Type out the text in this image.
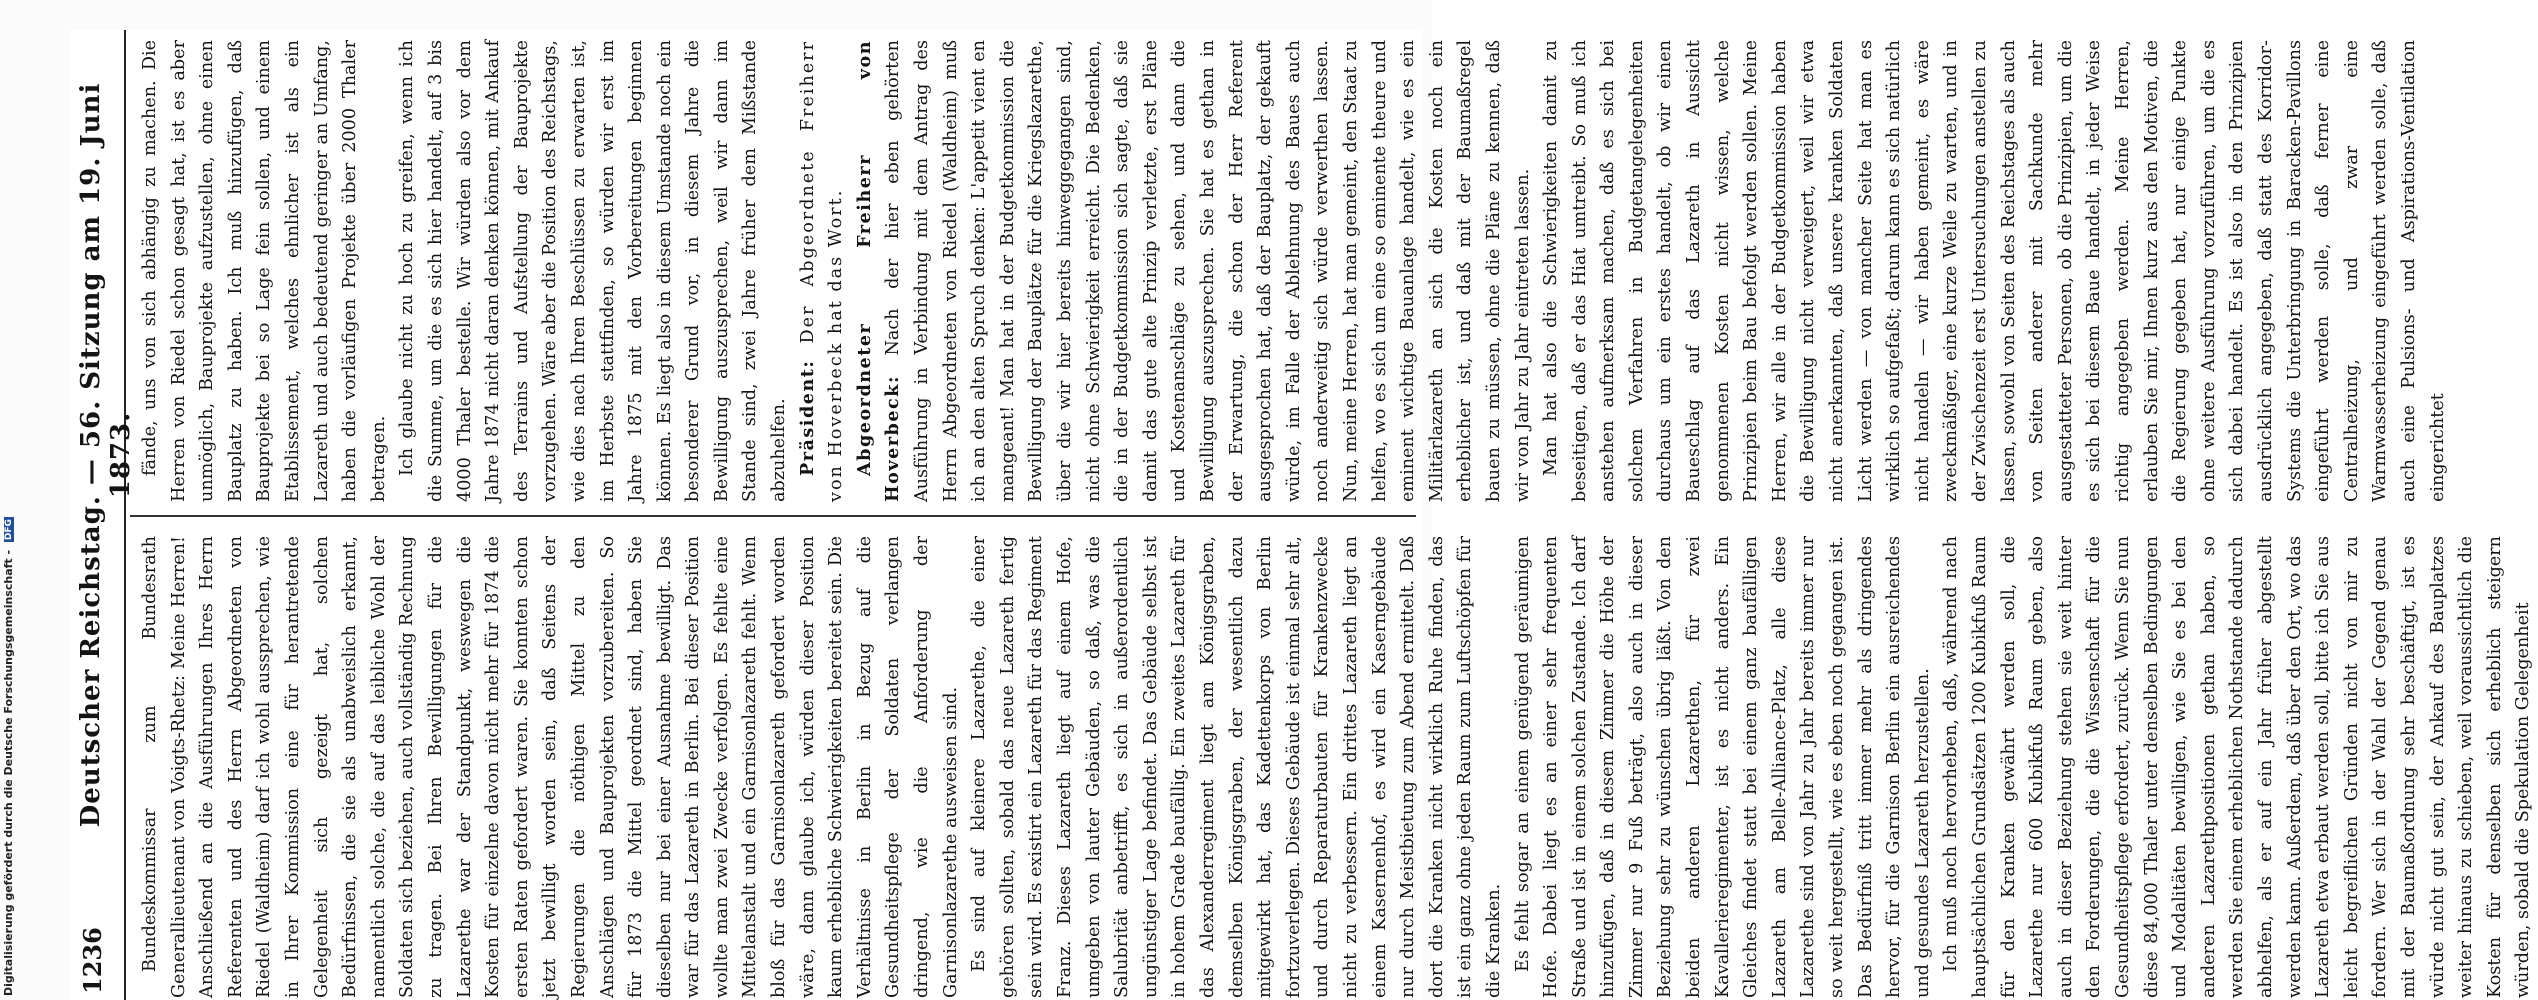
1236
Deutscher Reichstag. — 56. Sitzung am 19. Juni 1873.

Bundeskommissar zum Bundesrath Generallieutenant von Voigts-Rhetz: Meine Herren! Anschließend an die Ausführungen Ihres Herrn Referenten und des Herrn Abgeordneten von Riedel (Waldheim) darf ich wohl aussprechen, wie in Ihrer Kommission eine für herantretende Gelegenheit sich gezeigt hat, solchen Bedürfnissen, die sie als unabweislich erkannt, namentlich solche, die auf das leibliche Wohl der Soldaten sich beziehen, auch vollständig Rechnung zu tragen. Bei Ihren Bewilligungen für die Lazarethe war der Standpunkt, weswegen die Kosten für einzelne davon nicht mehr für 1874 die ersten Raten gefordert waren. Sie konnten schon jetzt bewilligt worden sein, daß Seitens der Regierungen die nöthigen Mittel zu den Anschlägen und Bauprojekten vorzubereiten. So für 1873 die Mittel geordnet sind, haben Sie dieselben nur bei einer Ausnahme bewilligt. Das war für das Lazareth in Berlin. Bei dieser Position wollte man zwei Zwecke verfolgen. Es fehlte eine Mittelanstalt und ein Garnisonlazareth fehlt. Wenn bloß für das Garnisonlazareth gefordert worden wäre, dann glaube ich, würden dieser Position kaum erhebliche Schwierigkeiten bereitet sein. Die Verhältnisse in Berlin in Bezug auf die Gesundheitspflege der Soldaten verlangen dringend, wie die Anforderung der Garnisonlazarethe ausweisen sind. Es sind auf kleinere Lazarethe, die einer gehören sollten, sobald das neue Lazareth fertig sein wird. Es existirt ein Lazareth für das Regiment Franz. Dieses Lazareth liegt auf einem Hofe, umgeben von lauter Gebäuden, so daß, was die Salubrität anbetrifft, es sich in außerordentlich ungünstiger Lage befindet. Das Gebäude selbst ist in hohem Grade baufällig. Ein zweites Lazareth für das Alexanderregiment liegt am Königsgraben, demselben Königsgraben, der wesentlich dazu mitgewirkt hat, das Kadettenkorps von Berlin fortzuverlegen. Dieses Gebäude ist einmal sehr alt, und durch Reparaturbauten für Krankenzwecke nicht zu verbessern. Ein drittes Lazareth liegt an einem Kasernenhof, es wird ein Kaserngebäude nur durch Meistbietung zum Abend ermittelt. Daß dort die Kranken nicht wirklich Ruhe finden, das ist ein ganz ohne jeden Raum zum Luftschöpfen für die Kranken. Es fehlt sogar an einem genügend geräumigen Hofe. Dabei liegt es an einer sehr frequenten Straße und ist in einem solchen Zustande. Ich darf hinzufügen, daß in diesem Zimmer die Höhe der Zimmer nur 9 Fuß beträgt, also auch in dieser Beziehung sehr zu wünschen übrig läßt. Von den beiden anderen Lazarethen, für zwei Kavallerieregimenter, ist es nicht anders. Ein Gleiches findet statt bei einem ganz baufälligen Lazareth am Belle-Alliance-Platz, alle diese Lazarethe sind von Jahr zu Jahr bereits immer nur so weit hergestellt, wie es eben noch gegangen ist. Das Bedürfniß tritt immer mehr als dringendes hervor, für die Garnison Berlin ein ausreichendes und gesundes Lazareth herzustellen. Ich muß noch hervorheben, daß, während nach hauptsächlichen Grundsätzen 1200 Kubikfuß Raum für den Kranken gewährt werden soll, die Lazarethe nur 600 Kubikfuß Raum geben, also auch in dieser Beziehung stehen sie weit hinter den Forderungen, die die Wissenschaft für die Gesundheitspflege erfordert, zurück. Wenn Sie nun diese 84,000 Thaler unter denselben Bedingungen und Modalitäten bewilligen, wie Sie es bei den anderen Lazarethpositionen gethan haben, so werden Sie einem erheblichen Nothstande dadurch abhelfen, als er auf ein Jahr früher abgestellt werden kann. Außerdem, daß über den Ort, wo das Lazareth etwa erbaut werden soll, bitte ich Sie aus leicht begreiflichen Gründen nicht von mir zu fordern. Wer sich in der Wahl der Gegend genau mit der Baumaßordnung sehr beschäftigt, ist es würde nicht gut sein, der Ankauf des Bauplatzes weiter hinaus zu schieben, weil voraussichtlich die Kosten für denselben sich erheblich steigern würden, sobald die Spekulation Gelegenheit

fände, uns von sich abhängig zu machen. Die Herren von Riedel schon gesagt hat, ist es aber unmöglich, Bauprojekte aufzustellen, ohne einen Bauplatz zu haben. Ich muß hinzufügen, daß Bauprojekte bei so Lage fein sollen, und einem Etablissement, welches ehnlicher ist als ein Lazareth und auch bedeutend geringer an Umfang, haben die vorläufigen Projekte über 2000 Thaler betragen. Ich glaube nicht zu hoch zu greifen, wenn ich die Summe, um die es sich hier handelt, auf 3 bis 4000 Thaler bestelle. Wir würden also vor dem Jahre 1874 nicht daran denken können, mit Ankauf des Terrains und Aufstellung der Bauprojekte vorzugehen. Wäre aber die Position des Reichstags, wie dies nach Ihren Beschlüssen zu erwarten ist, im Herbste stattfinden, so würden wir erst im Jahre 1875 mit den Vorbereitungen beginnen können. Es liegt also in diesem Umstande noch ein besonderer Grund vor, in diesem Jahre die Bewilligung auszusprechen, weil wir dann im Stande sind, zwei Jahre früher dem Mißstande abzuhelfen. Präsident: Der Abgeordnete Freiherr von Hoverbeck hat das Wort. Abgeordneter Freiherr von Hoverbeck: Nach der hier eben gehörten Ausführung in Verbindung mit dem Antrag des Herrn Abgeordneten von Riedel (Waldheim) muß ich an den alten Spruch denken: L'appetit vient en mangeant! Man hat in der Budgetkommission die Bewilligung der Bauplätze für die Kriegslazarethe, über die wir hier bereits hinweggegangen sind, nicht ohne Schwierigkeit erreicht. Die Bedenken, die in der Budgetkommission sich sagte, daß sie damit das gute alte Prinzip verletzte, erst Pläne und Kostenanschläge zu sehen, und dann die Bewilligung auszusprechen. Sie hat es gethan in der Erwartung, die schon der Herr Referent ausgesprochen hat, daß der Bauplatz, der gekauft würde, im Falle der Ablehnung des Baues auch noch anderweitig sich würde verwerthen lassen. Nun, meine Herren, hat man gemeint, den Staat zu helfen, wo es sich um eine so eminente theure und eminent wichtige Bauanlage handelt, wie es ein Militärlazareth an sich die Kosten noch ein erheblicher ist, und daß mit der Baumaßregel bauen zu müssen, ohne die Pläne zu kennen, daß wir von Jahr zu Jahr eintreten lassen. Man hat also die Schwierigkeiten damit zu beseitigen, daß er das Hiat umtreibt. So muß ich anstehen aufmerksam machen, daß es sich bei solchem Verfahren in Budgetangelegenheiten durchaus um ein erstes handelt, ob wir einen Baueschlag auf das Lazareth in Aussicht genommenen Kosten nicht wissen, welche Prinzipien beim Bau befolgt werden sollen. Meine Herren, wir alle in der Budgetkommission haben die Bewilligung nicht verweigert, weil wir etwa nicht anerkannten, daß unsere kranken Soldaten Licht werden — von mancher Seite hat man es wirklich so aufgefaßt; darum kann es sich natürlich nicht handeln — wir haben gemeint, es wäre zweckmäßiger, eine kurze Weile zu warten, und in der Zwischenzeit erst Untersuchungen anstellen zu lassen, sowohl von Seiten des Reichstages als auch von Seiten anderer mit Sachkunde mehr ausgestatteter Personen, ob die Prinzipien, um die es sich bei diesem Baue handelt, in jeder Weise richtig angegeben werden. Meine Herren, erlauben Sie mir, Ihnen kurz aus den Motiven, die die Regierung gegeben hat, nur einige Punkte ohne weitere Ausführung vorzuführen, um die es sich dabei handelt. Es ist also in den Prinzipien ausdrücklich angegeben, daß statt des Korridor-Systems die Unterbringung in Baracken-Pavillons eingeführt werden solle, daß ferner eine Centralheizung, und zwar eine Warmwasserheizung eingeführt werden solle, daß auch eine Pulsions- und Aspirations-Ventilation eingerichtet

Digitalisierung gefördert durch die Deutsche Forschungsgemeinschaft - DFG
